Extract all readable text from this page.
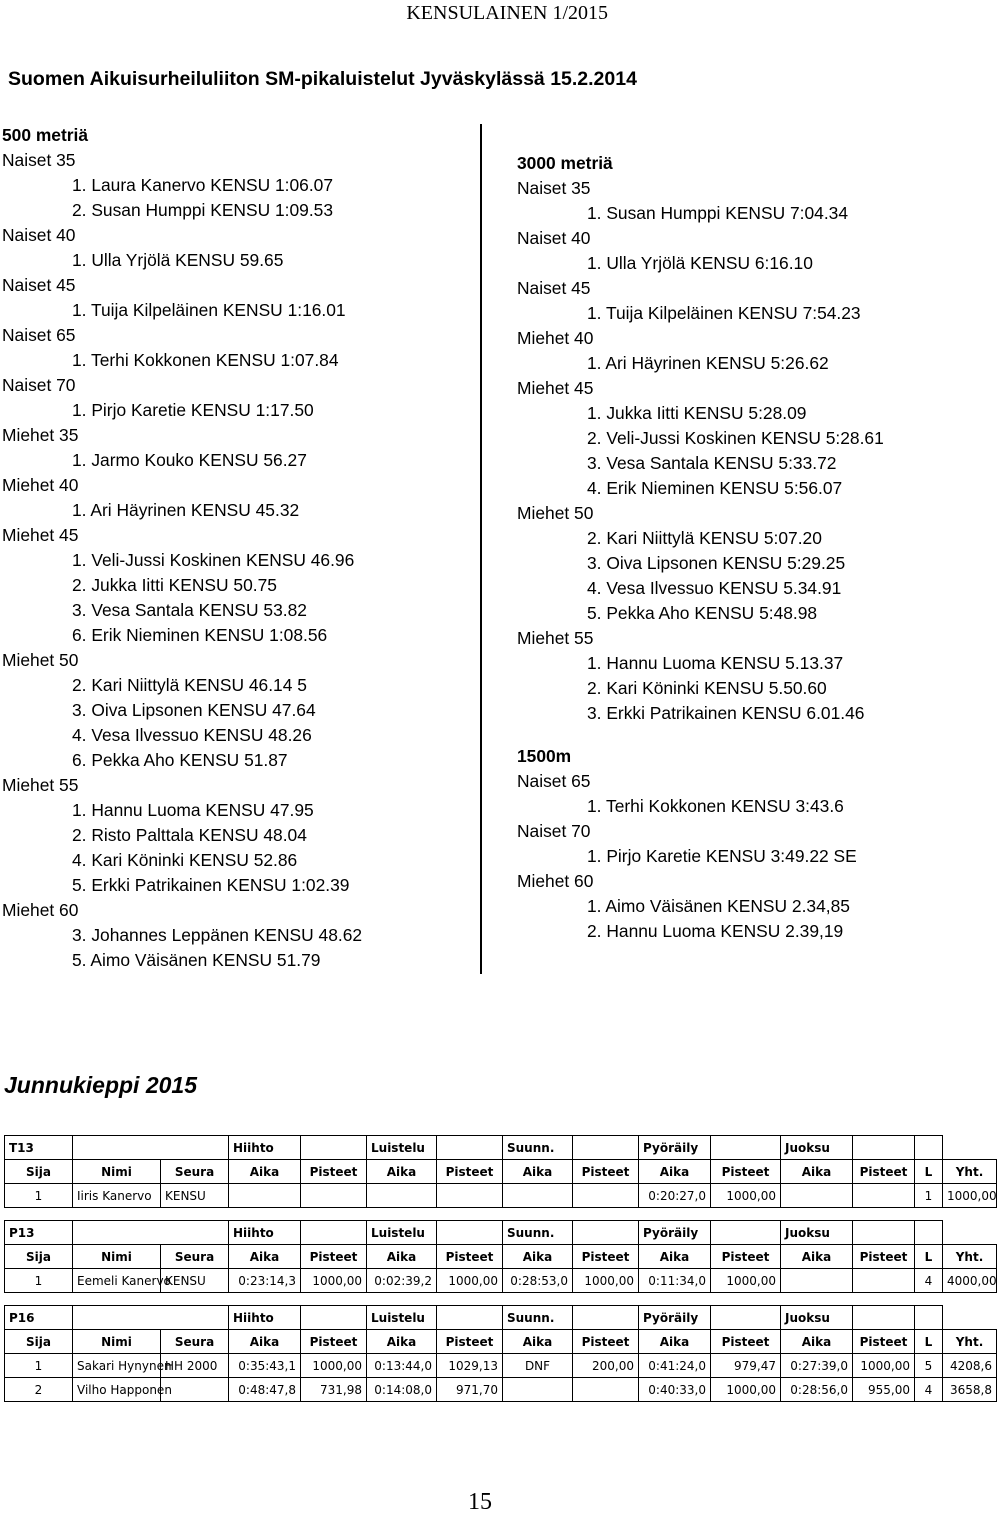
KENSULAINEN 1/2015
Suomen Aikuisurheiluliiton SM-pikaluistelut Jyväskylässä 15.2.2014
500 metriä
Naiset 35
1. Laura Kanervo KENSU 1:06.07
2. Susan Humppi KENSU 1:09.53
Naiset 40
1. Ulla Yrjölä KENSU 59.65
Naiset 45
1. Tuija Kilpeläinen KENSU 1:16.01
Naiset 65
1. Terhi Kokkonen KENSU 1:07.84
Naiset 70
1. Pirjo Karetie KENSU 1:17.50
Miehet 35
1. Jarmo Kouko KENSU 56.27
Miehet 40
1. Ari Häyrinen KENSU 45.32
Miehet 45
1. Veli-Jussi Koskinen KENSU 46.96
2. Jukka Iitti KENSU 50.75
3. Vesa Santala KENSU 53.82
6. Erik Nieminen KENSU 1:08.56
Miehet 50
2. Kari Niittylä KENSU 46.14 5
3. Oiva Lipsonen KENSU 47.64
4. Vesa Ilvessuo KENSU 48.26
6. Pekka Aho KENSU 51.87
Miehet 55
1. Hannu Luoma KENSU 47.95
2. Risto Palttala KENSU 48.04
4. Kari Köninki KENSU 52.86
5. Erkki Patrikainen KENSU 1:02.39
Miehet 60
3. Johannes Leppänen KENSU 48.62
5. Aimo Väisänen KENSU 51.79
3000 metriä
Naiset 35
1. Susan Humppi KENSU 7:04.34
Naiset 40
1. Ulla Yrjölä KENSU 6:16.10
Naiset 45
1. Tuija Kilpeläinen KENSU 7:54.23
Miehet 40
1. Ari Häyrinen KENSU 5:26.62
Miehet 45
1. Jukka Iitti KENSU 5:28.09
2. Veli-Jussi Koskinen KENSU 5:28.61
3. Vesa Santala KENSU 5:33.72
4. Erik Nieminen KENSU 5:56.07
Miehet 50
2. Kari Niittylä KENSU 5:07.20
3. Oiva Lipsonen KENSU 5:29.25
4. Vesa Ilvessuo KENSU 5.34.91
5. Pekka Aho KENSU 5:48.98
Miehet 55
1. Hannu Luoma KENSU 5.13.37
2. Kari Köninki KENSU 5.50.60
3. Erkki Patrikainen KENSU 6.01.46
1500m
Naiset 65
1. Terhi Kokkonen KENSU 3:43.6
Naiset 70
1. Pirjo Karetie KENSU 3:49.22 SE
Miehet 60
1. Aimo Väisänen KENSU 2.34,85
2. Hannu Luoma KENSU 2.39,19
Junnukieppi 2015
T13			Hiihto		Luistelu		Suunn.		Pyöräily		Juoksu			
Sija	Nimi	Seura	Aika	Pisteet	Aika	Pisteet	Aika	Pisteet	Aika	Pisteet	Aika	Pisteet	L	Yht.
1	Iiris Kanervo	KENSU							0:20:27,0	1000,00			1	1000,00

P13			Hiihto		Luistelu		Suunn.		Pyöräily		Juoksu			
Sija	Nimi	Seura	Aika	Pisteet	Aika	Pisteet	Aika	Pisteet	Aika	Pisteet	Aika	Pisteet	L	Yht.
1	Eemeli Kanervo	KENSU	0:23:14,3	1000,00	0:02:39,2	1000,00	0:28:53,0	1000,00	0:11:34,0	1000,00			4	4000,00

P16			Hiihto		Luistelu		Suunn.		Pyöräily		Juoksu			
Sija	Nimi	Seura	Aika	Pisteet	Aika	Pisteet	Aika	Pisteet	Aika	Pisteet	Aika	Pisteet	L	Yht.
1	Sakari Hynynen	HH 2000	0:35:43,1	1000,00	0:13:44,0	1029,13	DNF	200,00	0:41:24,0	979,47	0:27:39,0	1000,00	5	4208,6
2	Vilho Happonen		0:48:47,8	731,98	0:14:08,0	971,70			0:40:33,0	1000,00	0:28:56,0	955,00	4	3658,8
15
